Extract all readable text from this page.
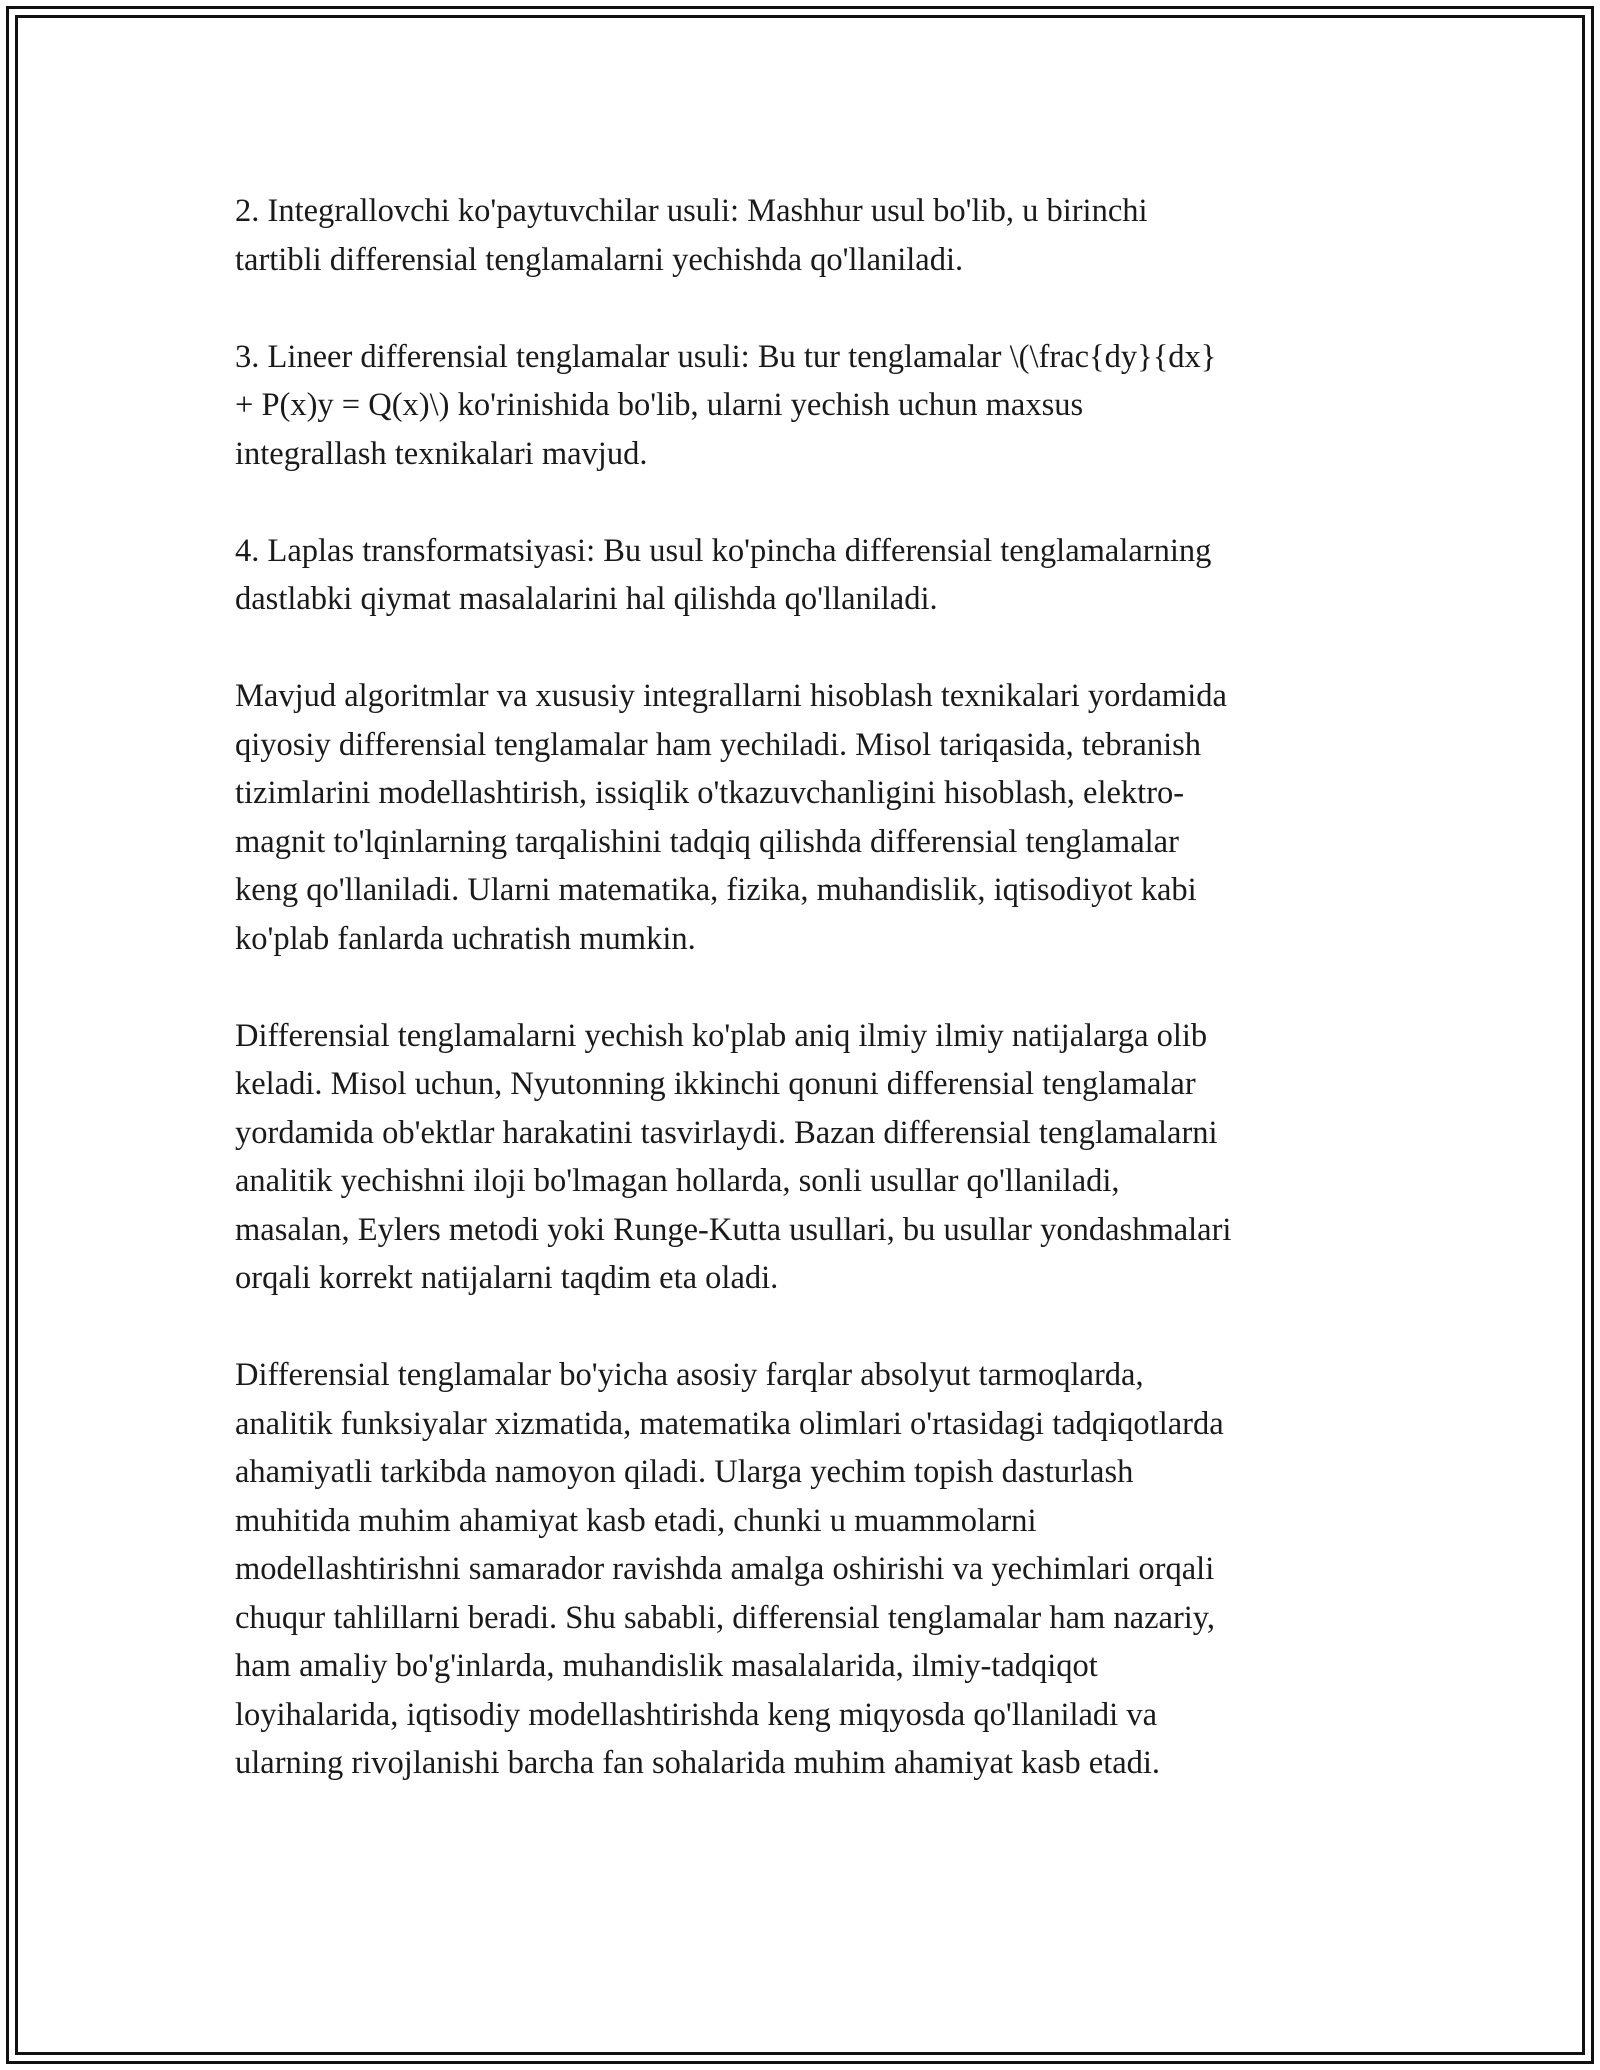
2. Integrallovchi ko'paytuvchilar usuli: Mashhur usul bo'lib, u birinchi
tartibli differensial tenglamalarni yechishda qo'llaniladi.

3. Lineer differensial tenglamalar usuli: Bu tur tenglamalar \(\frac{dy}{dx}
+ P(x)y = Q(x)\) ko'rinishida bo'lib, ularni yechish uchun maxsus
integrallash texnikalari mavjud.

4. Laplas transformatsiyasi: Bu usul ko'pincha differensial tenglamalarning
dastlabki qiymat masalalarini hal qilishda qo'llaniladi.

Mavjud algoritmlar va xususiy integrallarni hisoblash texnikalari yordamida
qiyosiy differensial tenglamalar ham yechiladi. Misol tariqasida, tebranish
tizimlarini modellashtirish, issiqlik o'tkazuvchanligini hisoblash, elektro-
magnit to'lqinlarning tarqalishini tadqiq qilishda differensial tenglamalar
keng qo'llaniladi. Ularni matematika, fizika, muhandislik, iqtisodiyot kabi
ko'plab fanlarda uchratish mumkin.

Differensial tenglamalarni yechish ko'plab aniq ilmiy ilmiy natijalarga olib
keladi. Misol uchun, Nyutonning ikkinchi qonuni differensial tenglamalar
yordamida ob'ektlar harakatini tasvirlaydi. Bazan differensial tenglamalarni
analitik yechishni iloji bo'lmagan hollarda, sonli usullar qo'llaniladi,
masalan, Eylers metodi yoki Runge-Kutta usullari, bu usullar yondashmalari
orqali korrekt natijalarni taqdim eta oladi.

Differensial tenglamalar bo'yicha asosiy farqlar absolyut tarmoqlarda,
analitik funksiyalar xizmatida, matematika olimlari o'rtasidagi tadqiqotlarda
ahamiyatli tarkibda namoyon qiladi. Ularga yechim topish dasturlash
muhitida muhim ahamiyat kasb etadi, chunki u muammolarni
modellashtirishni samarador ravishda amalga oshirishi va yechimlari orqali
chuqur tahlillarni beradi. Shu sababli, differensial tenglamalar ham nazariy,
ham amaliy bo'g'inlarda, muhandislik masalalarida, ilmiy-tadqiqot
loyihalarida, iqtisodiy modellashtirishda keng miqyosda qo'llaniladi va
ularning rivojlanishi barcha fan sohalarida muhim ahamiyat kasb etadi.
